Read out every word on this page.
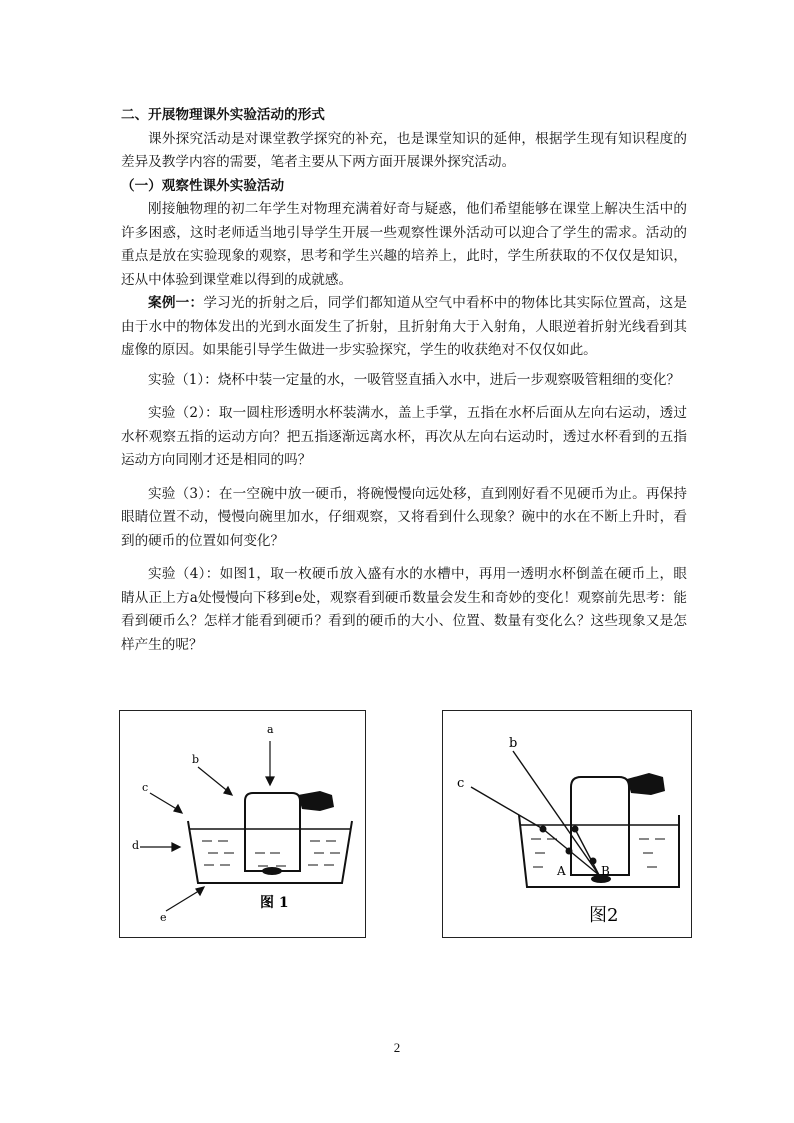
二、开展物理课外实验活动的形式

课外探究活动是对课堂教学探究的补充，也是课堂知识的延伸，根据学生现有知识程度的差异及教学内容的需要，笔者主要从下两方面开展课外探究活动。

（一）观察性课外实验活动

刚接触物理的初二年学生对物理充满着好奇与疑惑，他们希望能够在课堂上解决生活中的许多困惑，这时老师适当地引导学生开展一些观察性课外活动可以迎合了学生的需求。活动的重点是放在实验现象的观察，思考和学生兴趣的培养上，此时，学生所获取的不仅仅是知识，还从中体验到课堂难以得到的成就感。

案例一：学习光的折射之后，同学们都知道从空气中看杯中的物体比其实际位置高，这是由于水中的物体发出的光到水面发生了折射，且折射角大于入射角，人眼逆着折射光线看到其虚像的原因。如果能引导学生做进一步实验探究，学生的收获绝对不仅仅如此。

实验（1）：烧杯中装一定量的水，一吸管竖直插入水中，进后一步观察吸管粗细的变化？

实验（2）：取一圆柱形透明水杯装满水，盖上手掌，五指在水杯后面从左向右运动，透过水杯观察五指的运动方向？把五指逐渐远离水杯，再次从左向右运动时，透过水杯看到的五指运动方向同刚才还是相同的吗？

实验（3）：在一空碗中放一硬币，将碗慢慢向远处移，直到刚好看不见硬币为止。再保持眼睛位置不动，慢慢向碗里加水，仔细观察，又将看到什么现象？碗中的水在不断上升时，看到的硬币的位置如何变化？

实验（4）：如图1，取一枚硬币放入盛有水的水槽中，再用一透明水杯倒盖在硬币上，眼睛从正上方a处慢慢向下移到e处，观察看到硬币数量会发生和奇妙的变化！观察前先思考：能看到硬币么？怎样才能看到硬币？看到的硬币的大小、位置、数量有变化么？这些现象又是怎样产生的呢？

a
b
c
d
e
图 1
b
c
A	B
图2
2
